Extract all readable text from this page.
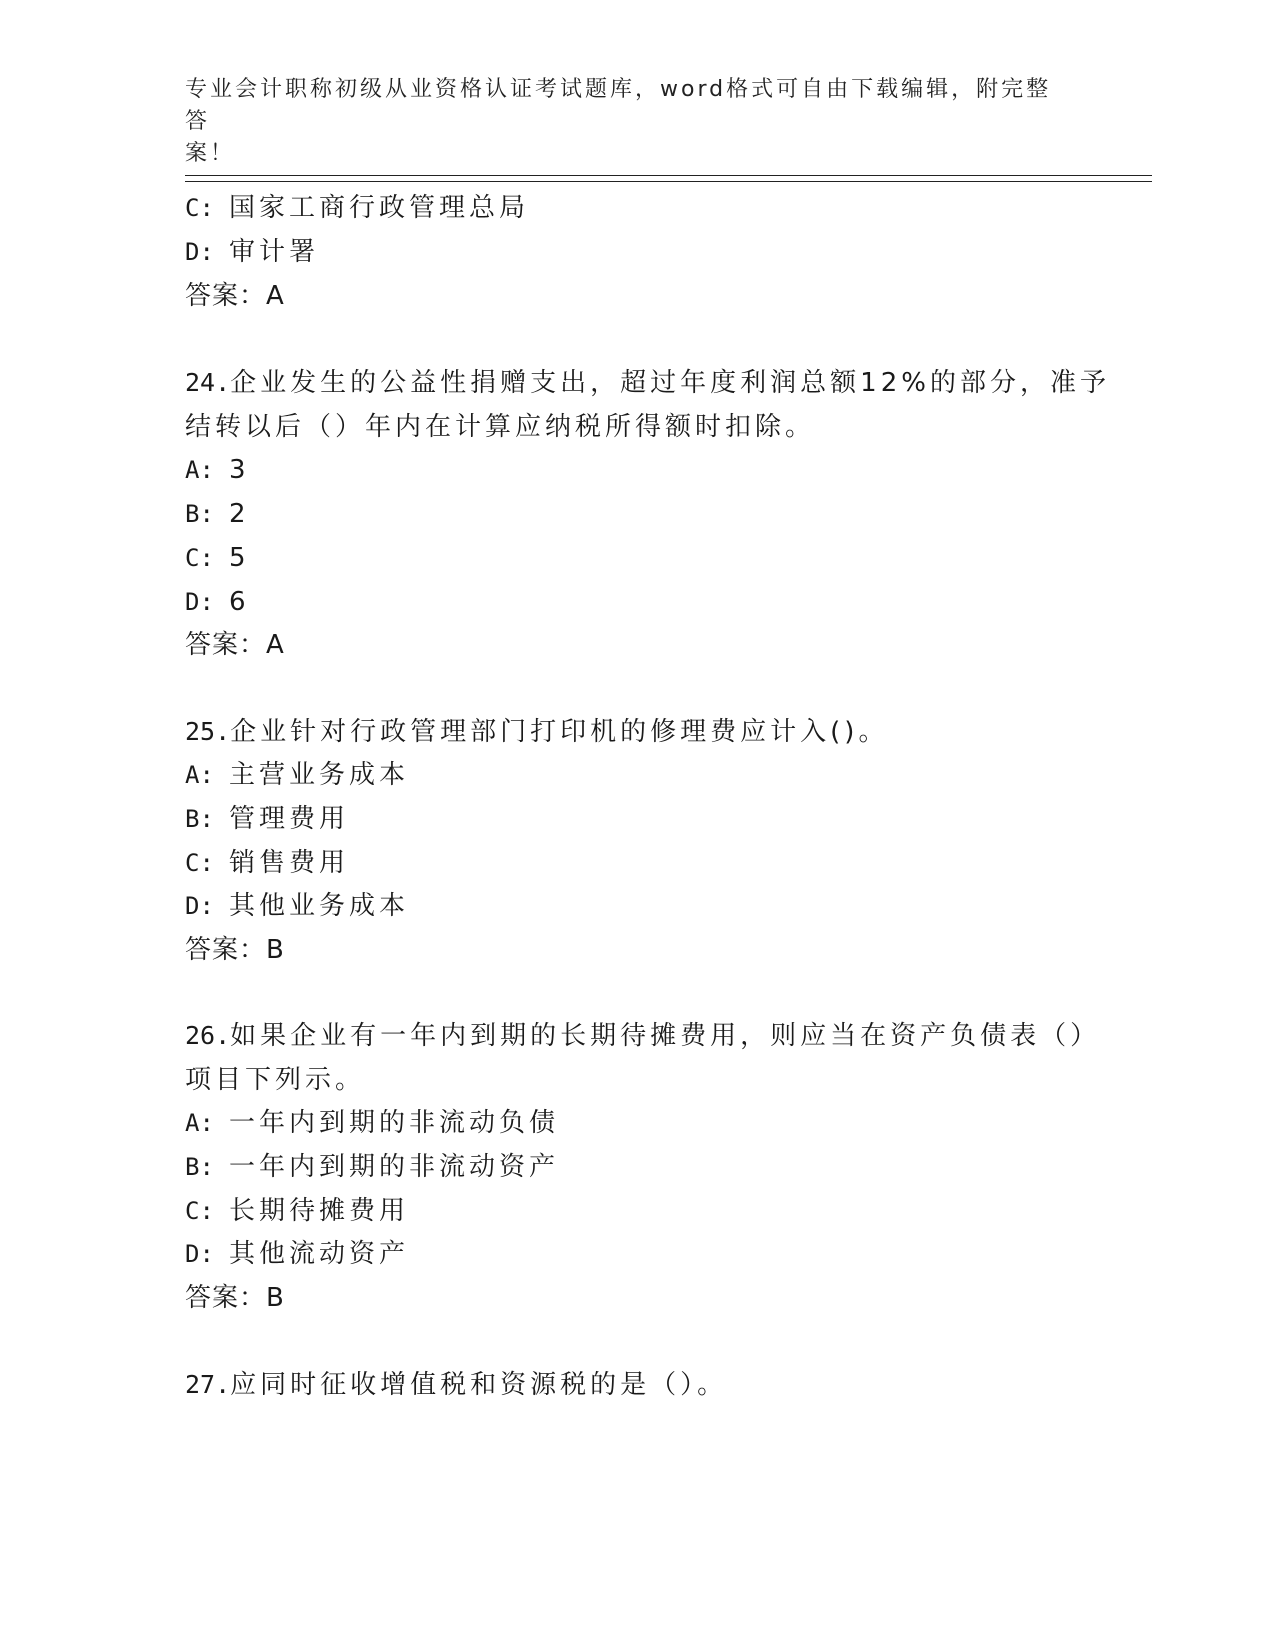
专业会计职称初级从业资格认证考试题库，word格式可自由下载编辑，附完整答
案！
C: 国家工商行政管理总局
D: 审计署
答案：A
24.企业发生的公益性捐赠支出，超过年度利润总额12%的部分，准予
结转以后（）年内在计算应纳税所得额时扣除。
A: 3
B: 2
C: 5
D: 6
答案：A
25.企业针对行政管理部门打印机的修理费应计入()。
A: 主营业务成本
B: 管理费用
C: 销售费用
D: 其他业务成本
答案：B
26.如果企业有一年内到期的长期待摊费用，则应当在资产负债表（）
项目下列示。
A: 一年内到期的非流动负债
B: 一年内到期的非流动资产
C: 长期待摊费用
D: 其他流动资产
答案：B
27.应同时征收增值税和资源税的是（）。
